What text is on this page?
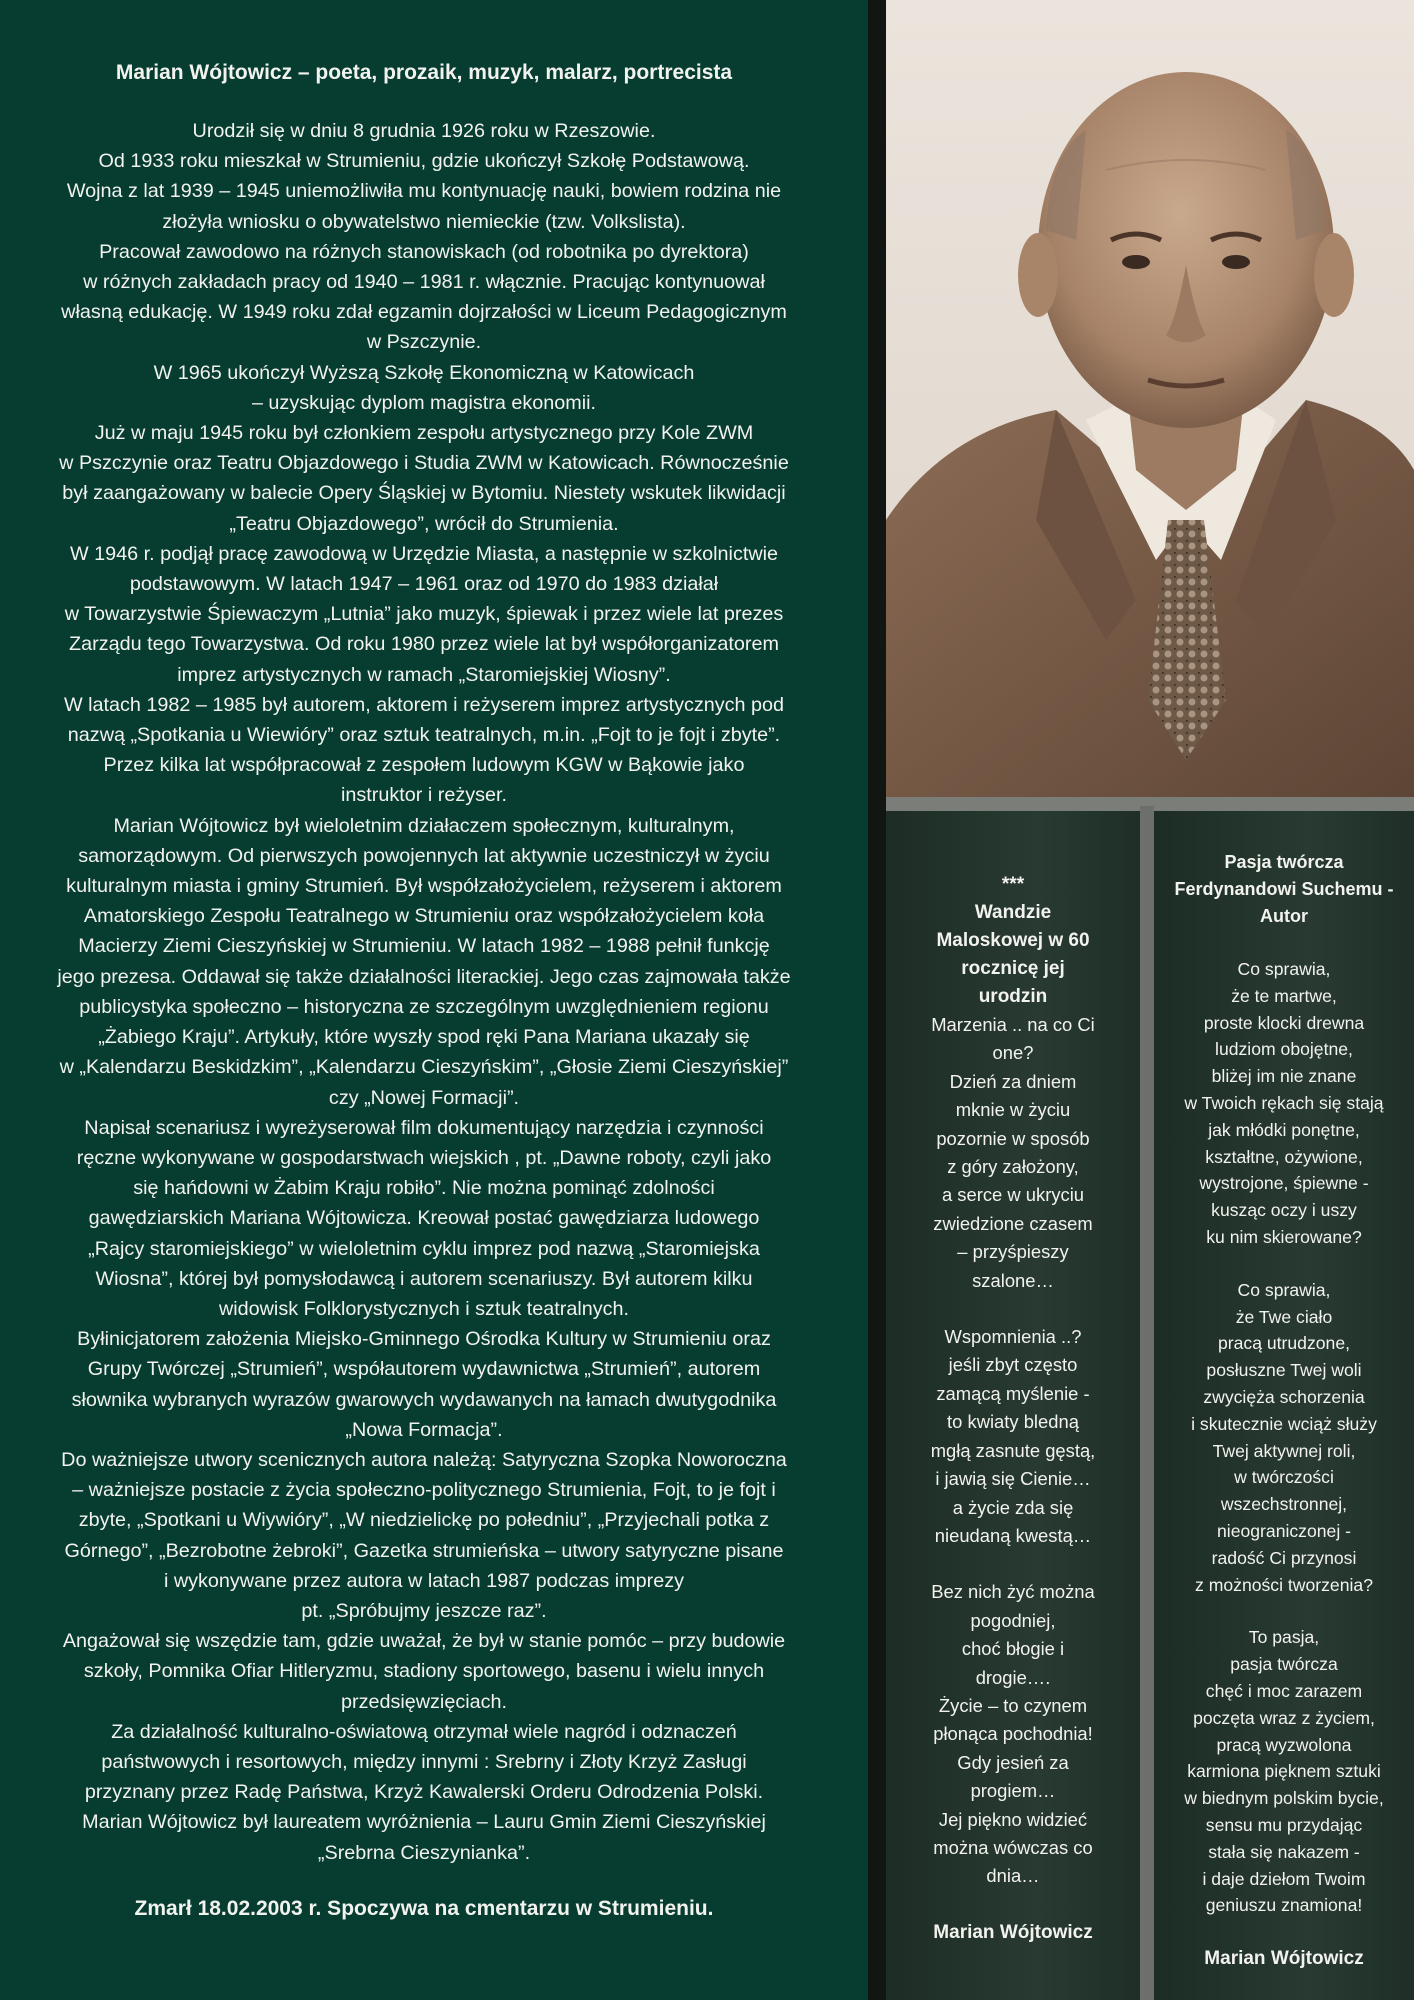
Marian Wójtowicz – poeta, prozaik, muzyk, malarz, portrecista
Urodził się w dniu 8 grudnia 1926 roku w Rzeszowie.
Od 1933 roku mieszkał w Strumieniu, gdzie ukończył Szkołę Podstawową.
Wojna z lat 1939 – 1945 uniemożliwiła mu kontynuację nauki, bowiem rodzina nie
złożyła wniosku o obywatelstwo niemieckie (tzw. Volkslista).
Pracował zawodowo na różnych stanowiskach (od robotnika po dyrektora)
w różnych zakładach pracy od 1940 – 1981 r. włącznie. Pracując kontynuował
własną edukację. W 1949 roku zdał egzamin dojrzałości w Liceum Pedagogicznym
w Pszczynie.
W 1965 ukończył Wyższą Szkołę Ekonomiczną w Katowicach
– uzyskując dyplom magistra ekonomii.
Już w maju 1945 roku był członkiem zespołu artystycznego przy Kole ZWM
w Pszczynie oraz Teatru Objazdowego i Studia ZWM w Katowicach. Równocześnie
był zaangażowany w balecie Opery Śląskiej w Bytomiu. Niestety wskutek likwidacji
„Teatru Objazdowego”, wrócił do Strumienia.
W 1946 r. podjął pracę zawodową w Urzędzie Miasta, a następnie w szkolnictwie
podstawowym. W latach 1947 – 1961 oraz od 1970 do 1983 działał
w Towarzystwie Śpiewaczym „Lutnia” jako muzyk, śpiewak i przez wiele lat prezes
Zarządu tego Towarzystwa. Od roku 1980 przez wiele lat był współorganizatorem
imprez artystycznych w ramach „Staromiejskiej Wiosny”.
W latach 1982 – 1985 był autorem, aktorem i reżyserem imprez artystycznych pod
nazwą „Spotkania u Wiewióry” oraz sztuk teatralnych, m.in. „Fojt to je fojt i zbyte”.
Przez kilka lat współpracował z zespołem ludowym KGW w Bąkowie jako
instruktor i reżyser.
Marian Wójtowicz był wieloletnim działaczem społecznym, kulturalnym,
samorządowym. Od pierwszych powojennych lat aktywnie uczestniczył w życiu
kulturalnym miasta i gminy Strumień. Był współzałożycielem, reżyserem i aktorem
Amatorskiego Zespołu Teatralnego w Strumieniu oraz współzałożycielem koła
Macierzy Ziemi Cieszyńskiej w Strumieniu. W latach 1982 – 1988 pełnił funkcję
jego prezesa. Oddawał się także działalności literackiej. Jego czas zajmowała także
publicystyka społeczno – historyczna ze szczególnym uwzględnieniem regionu
„Żabiego Kraju”. Artykuły, które wyszły spod ręki Pana Mariana ukazały się
w „Kalendarzu Beskidzkim”, „Kalendarzu Cieszyńskim”, „Głosie Ziemi Cieszyńskiej”
czy „Nowej Formacji”.
Napisał scenariusz i wyreżyserował film dokumentujący narzędzia i czynności
ręczne wykonywane w gospodarstwach wiejskich , pt. „Dawne roboty, czyli jako
się hańdowni w Żabim Kraju robiło”. Nie można pominąć zdolności
gawędziarskich Mariana Wójtowicza. Kreował postać gawędziarza ludowego
„Rajcy staromiejskiego” w wieloletnim cyklu imprez pod nazwą „Staromiejska
Wiosna”, której był pomysłodawcą i autorem scenariuszy. Był autorem kilku
widowisk Folklorystycznych i sztuk teatralnych.
Byłinicjatorem założenia Miejsko-Gminnego Ośrodka Kultury w Strumieniu oraz
Grupy Twórczej „Strumień”, współautorem wydawnictwa „Strumień”, autorem
słownika wybranych wyrazów gwarowych wydawanych na łamach dwutygodnika
„Nowa Formacja”.
Do ważniejsze utwory scenicznych autora należą: Satyryczna Szopka Noworoczna
– ważniejsze postacie z życia społeczno-politycznego Strumienia, Fojt, to je fojt i
zbyte, „Spotkani u Wiywióry”, „W niedzielickę po połedniu”, „Przyjechali potka z
Górnego”, „Bezrobotne żebroki”, Gazetka strumieńska – utwory satyryczne pisane
i wykonywane przez autora w latach 1987 podczas imprezy
pt. „Spróbujmy jeszcze raz”.
Angażował się wszędzie tam, gdzie uważał, że był w stanie pomóc – przy budowie
szkoły, Pomnika Ofiar Hitleryzmu, stadiony sportowego, basenu i wielu innych
przedsięwzięciach.
Za działalność kulturalno-oświatową otrzymał wiele nagród i odznaczeń
państwowych i resortowych, między innymi : Srebrny i Złoty Krzyż Zasługi
przyznany przez Radę Państwa, Krzyż Kawalerski Orderu Odrodzenia Polski.
Marian Wójtowicz był laureatem wyróżnienia – Lauru Gmin Ziemi Cieszyńskiej
„Srebrna Cieszynianka”.
Zmarł 18.02.2003 r. Spoczywa na cmentarzu w Strumieniu.
***
Wandzie
Maloskowej w 60
rocznicę jej
urodzin
Marzenia .. na co Ci
one?
Dzień za dniem
mknie w życiu
pozornie w sposób
z góry założony,
a serce w ukryciu
zwiedzione czasem
– przyśpieszy
szalone…
Wspomnienia ..?
jeśli zbyt często
zamącą myślenie -
to kwiaty bledną
mgłą zasnute gęstą,
i jawią się Cienie…
a życie zda się
nieudaną kwestą…
Bez nich żyć można
pogodniej,
choć błogie i
drogie….
Życie – to czynem
płonąca pochodnia!
Gdy jesień za
progiem…
Jej piękno widzieć
można wówczas co
dnia…
Marian Wójtowicz
Pasja twórcza
Ferdynandowi Suchemu -
Autor
Co sprawia,
że te martwe,
proste klocki drewna
ludziom obojętne,
bliżej im nie znane
w Twoich rękach się stają
jak młódki ponętne,
kształtne, ożywione,
wystrojone, śpiewne -
kusząc oczy i uszy
ku nim skierowane?
Co sprawia,
że Twe ciało
pracą utrudzone,
posłuszne Twej woli
zwycięża schorzenia
i skutecznie wciąż służy
Twej aktywnej roli,
w twórczości
wszechstronnej,
nieograniczonej -
radość Ci przynosi
z możności tworzenia?
To pasja,
pasja twórcza
chęć i moc zarazem
poczęta wraz z życiem,
pracą wyzwolona
karmiona pięknem sztuki
w biednym polskim bycie,
sensu mu przydając
stała się nakazem -
i daje dziełom Twoim
geniuszu znamiona!
Marian Wójtowicz
